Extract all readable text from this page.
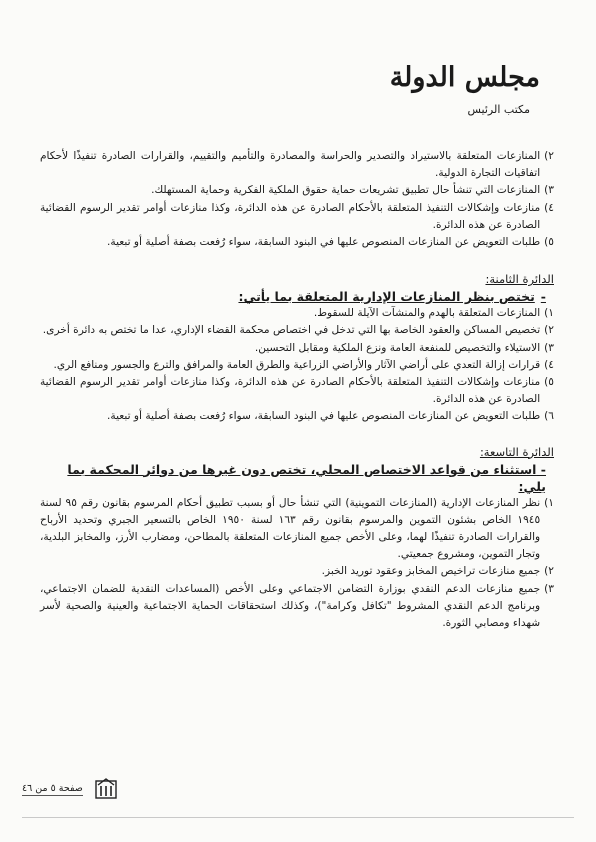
مجلس الدولة
مكتب الرئيس
٢)
المنازعات المتعلقة بالاستيراد والتصدير والحراسة والمصادرة والتأميم والتقييم، والقرارات الصادرة تنفيذًا لأحكام اتفاقيات التجارة الدولية.
٣)
المنازعات التي تنشأ حال تطبيق تشريعات حماية حقوق الملكية الفكرية وحماية المستهلك.
٤)
منازعات وإشكالات التنفيذ المتعلقة بالأحكام الصادرة عن هذه الدائرة، وكذا منازعات أوامر تقدير الرسوم القضائية الصادرة عن هذه الدائرة.
٥)
طلبات التعويض عن المنازعات المنصوص عليها في البنود السابقة، سواء رُفعت بصفة أصلية أو تبعية.
الدائرة الثامنة:
-تختص بنظر المنازعات الإدارية المتعلقة بما يأتي:
١)
المنازعات المتعلقة بالهدم والمنشآت الآيلة للسقوط.
٢)
تخصيص المساكن والعقود الخاصة بها التي تدخل في اختصاص محكمة القضاء الإداري، عدا ما تختص به دائرة أخرى.
٣)
الاستيلاء والتخصيص للمنفعة العامة ونزع الملكية ومقابل التحسين.
٤)
قرارات إزالة التعدي على أراضي الآثار والأراضي الزراعية والطرق العامة والمرافق والترع والجسور ومنافع الري.
٥)
منازعات وإشكالات التنفيذ المتعلقة بالأحكام الصادرة عن هذه الدائرة، وكذا منازعات أوامر تقدير الرسوم القضائية الصادرة عن هذه الدائرة.
٦)
طلبات التعويض عن المنازعات المنصوص عليها في البنود السابقة، سواء رُفعت بصفة أصلية أو تبعية.
الدائرة التاسعة:
- استثناء من قواعد الاختصاص المحلي، تختص دون غيرها من دوائر المحكمة بما يلي:
١)
نظر المنازعات الإدارية (المنازعات التموينية) التي تنشأ حال أو بسبب تطبيق أحكام المرسوم بقانون رقم ٩٥ لسنة ١٩٤٥ الخاص بشئون التموين والمرسوم بقانون رقم ١٦٣ لسنة ١٩٥٠ الخاص بالتسعير الجبري وتحديد الأرباح والقرارات الصادرة تنفيذًا لهما، وعلى الأخص جميع المنازعات المتعلقة بالمطاحن، ومضارب الأرز، والمخابز البلدية، وتجار التموين، ومشروع جمعيتي.
٢)
جميع منازعات تراخيص المخابز وعقود توريد الخبز.
٣)
جميع منازعات الدعم النقدي بوزارة التضامن الاجتماعي وعلى الأخص (المساعدات النقدية للضمان الاجتماعي، وبرنامج الدعم النقدي المشروط "تكافل وكرامة")، وكذلك استحقاقات الحماية الاجتماعية والعينية والصحية لأسر شهداء ومصابي الثورة.
صفحة ٥ من ٤٦
